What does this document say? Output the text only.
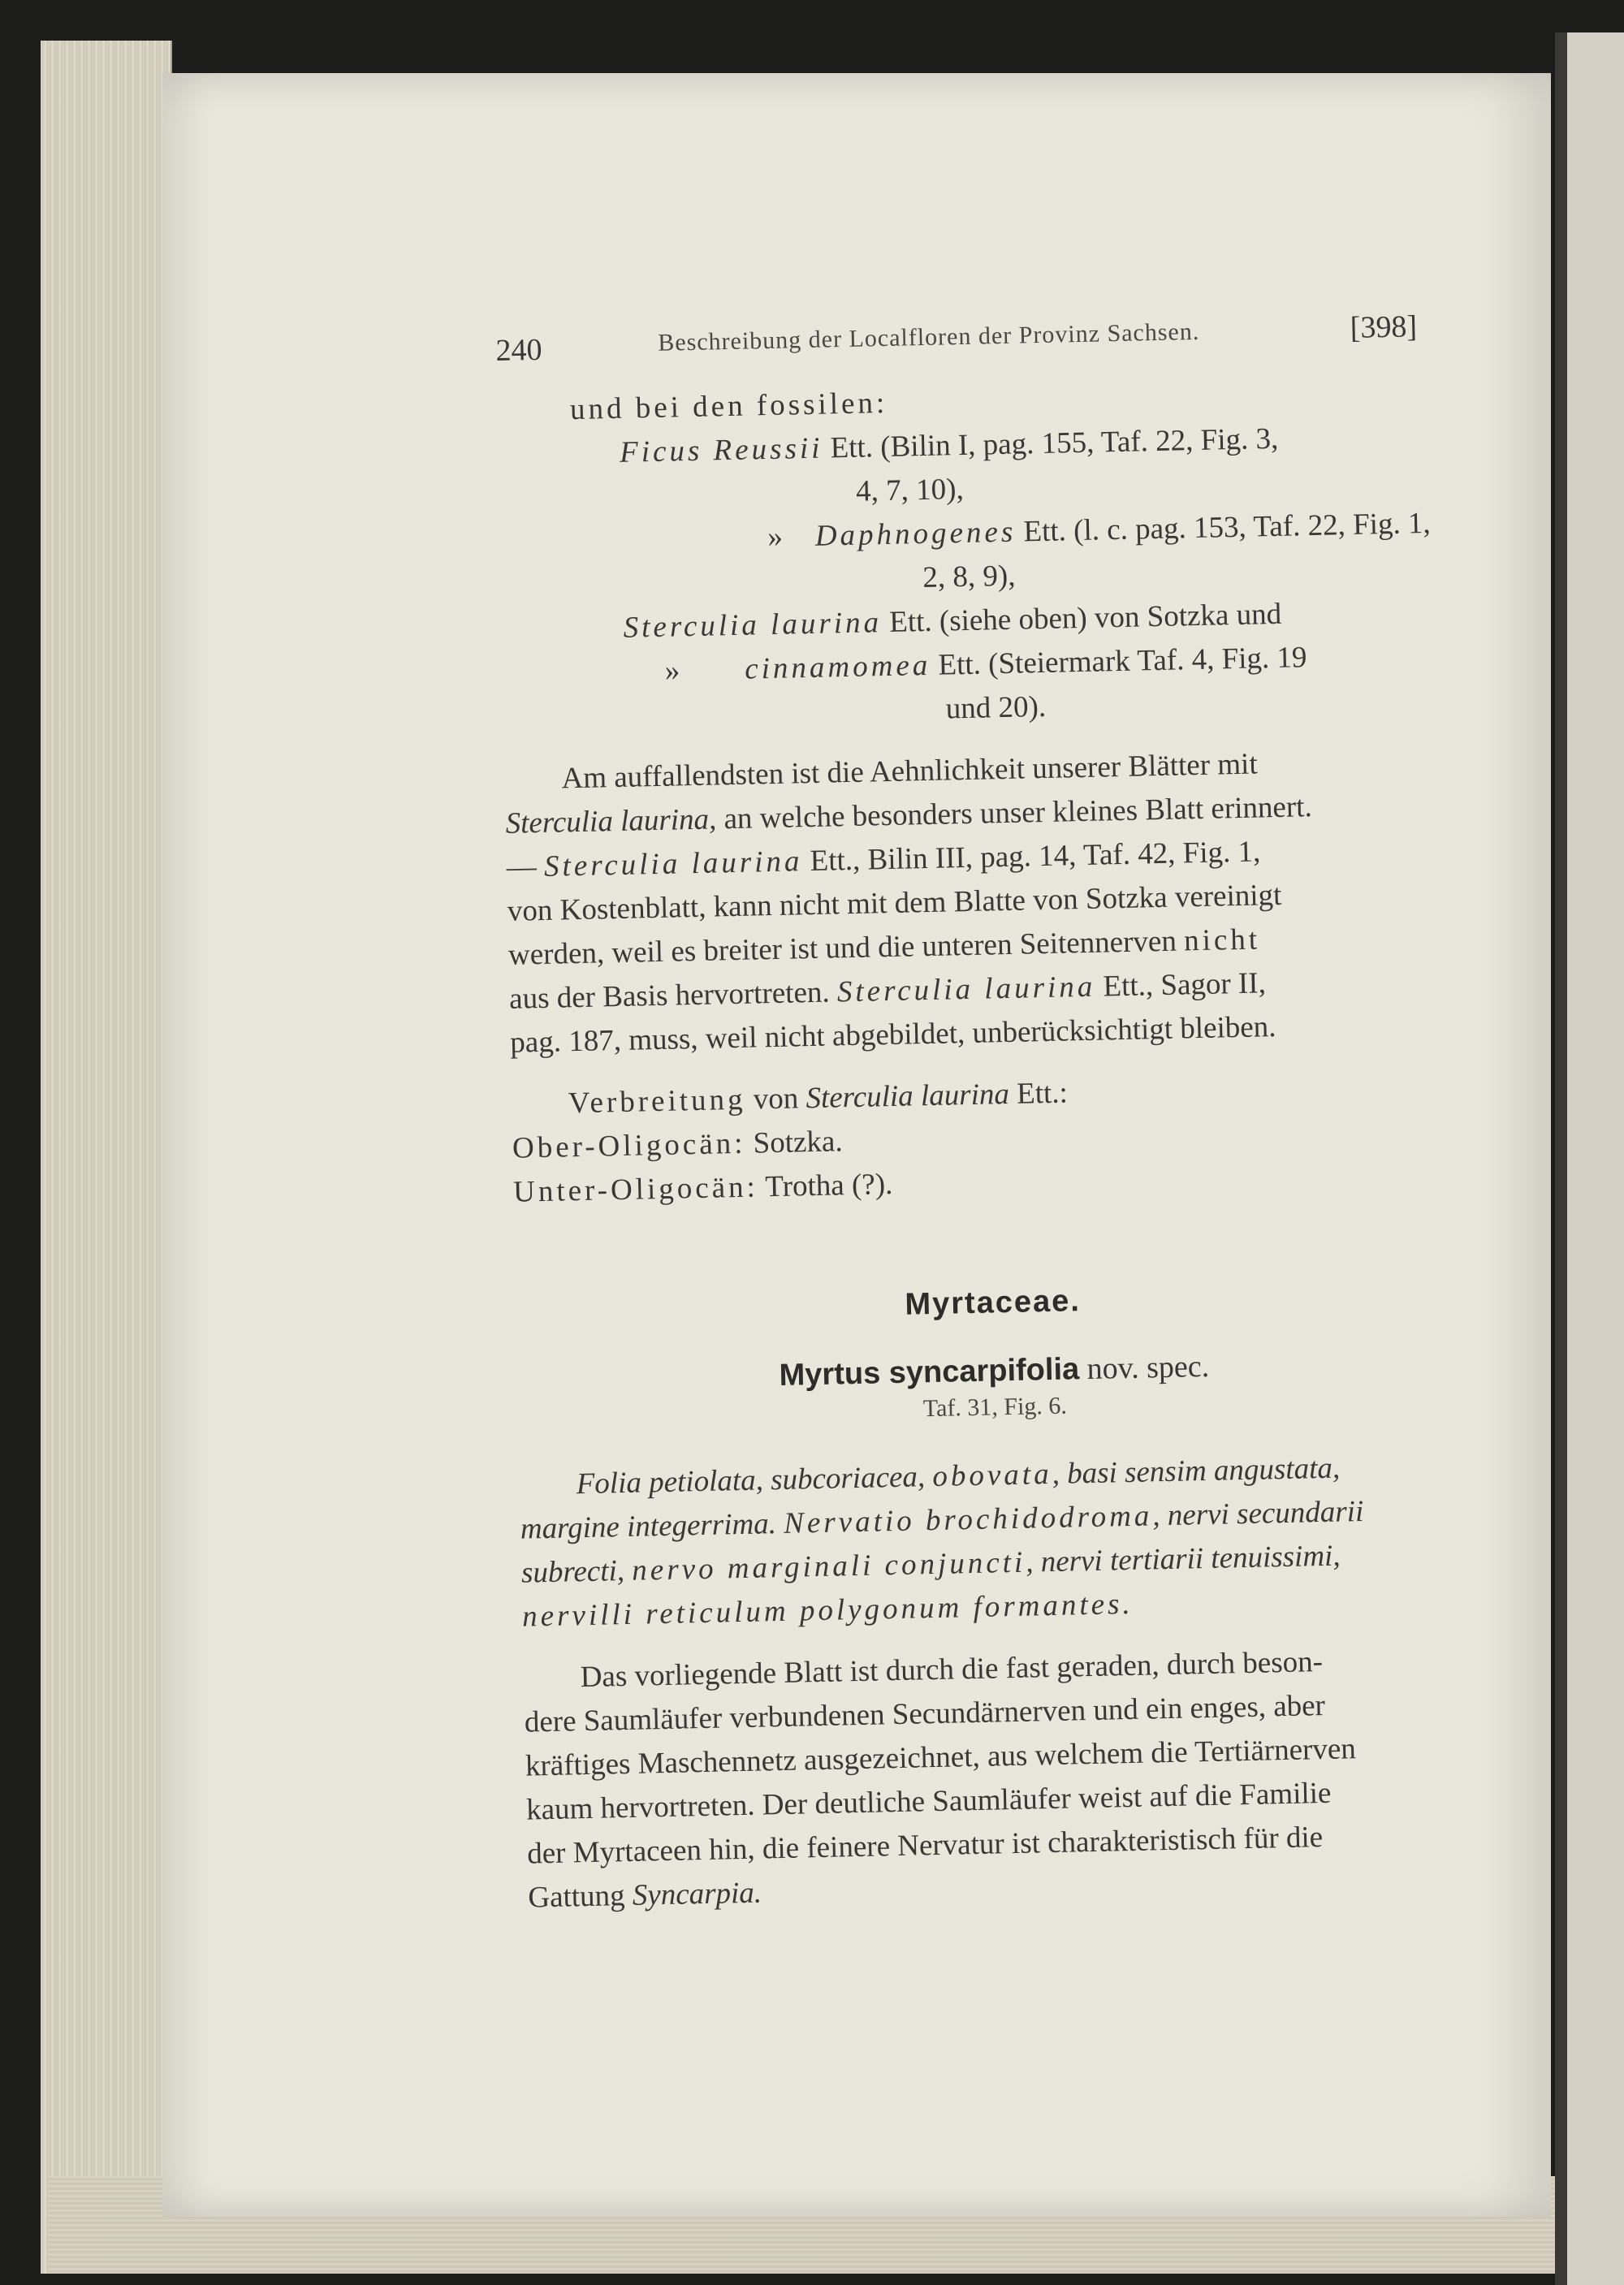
240	Beschreibung der Localfloren der Provinz Sachsen.	[398]
und bei den fossilen:
Ficus Reussii Ett. (Bilin I, pag. 155, Taf. 22, Fig. 3,
4, 7, 10),
» Daphnogenes Ett. (l. c. pag. 153, Taf. 22, Fig. 1,
2, 8, 9),
Sterculia laurina Ett. (siehe oben) von Sotzka und
» cinnamomea Ett. (Steiermark Taf. 4, Fig. 19
und 20).
Am auffallendsten ist die Aehnlichkeit unserer Blätter mit
Sterculia laurina, an welche besonders unser kleines Blatt erinnert.
— Sterculia laurina Ett., Bilin III, pag. 14, Taf. 42, Fig. 1,
von Kostenblatt, kann nicht mit dem Blatte von Sotzka vereinigt
werden, weil es breiter ist und die unteren Seitennerven nicht
aus der Basis hervortreten. Sterculia laurina Ett., Sagor II,
pag. 187, muss, weil nicht abgebildet, unberücksichtigt bleiben.
Verbreitung von Sterculia laurina Ett.:
Ober-Oligocän: Sotzka.
Unter-Oligocän: Trotha (?).
Myrtaceae.
Myrtus syncarpifolia nov. spec.
Taf. 31, Fig. 6.
Folia petiolata, subcoriacea, obovata, basi sensim angustata,
margine integerrima. Nervatio brochidodroma, nervi secundarii
subrecti, nervo marginali conjuncti, nervi tertiarii tenuissimi,
nervilli reticulum polygonum formantes.
Das vorliegende Blatt ist durch die fast geraden, durch beson-
dere Saumläufer verbundenen Secundärnerven und ein enges, aber
kräftiges Maschennetz ausgezeichnet, aus welchem die Tertiärnerven
kaum hervortreten. Der deutliche Saumläufer weist auf die Familie
der Myrtaceen hin, die feinere Nervatur ist charakteristisch für die
Gattung Syncarpia.
